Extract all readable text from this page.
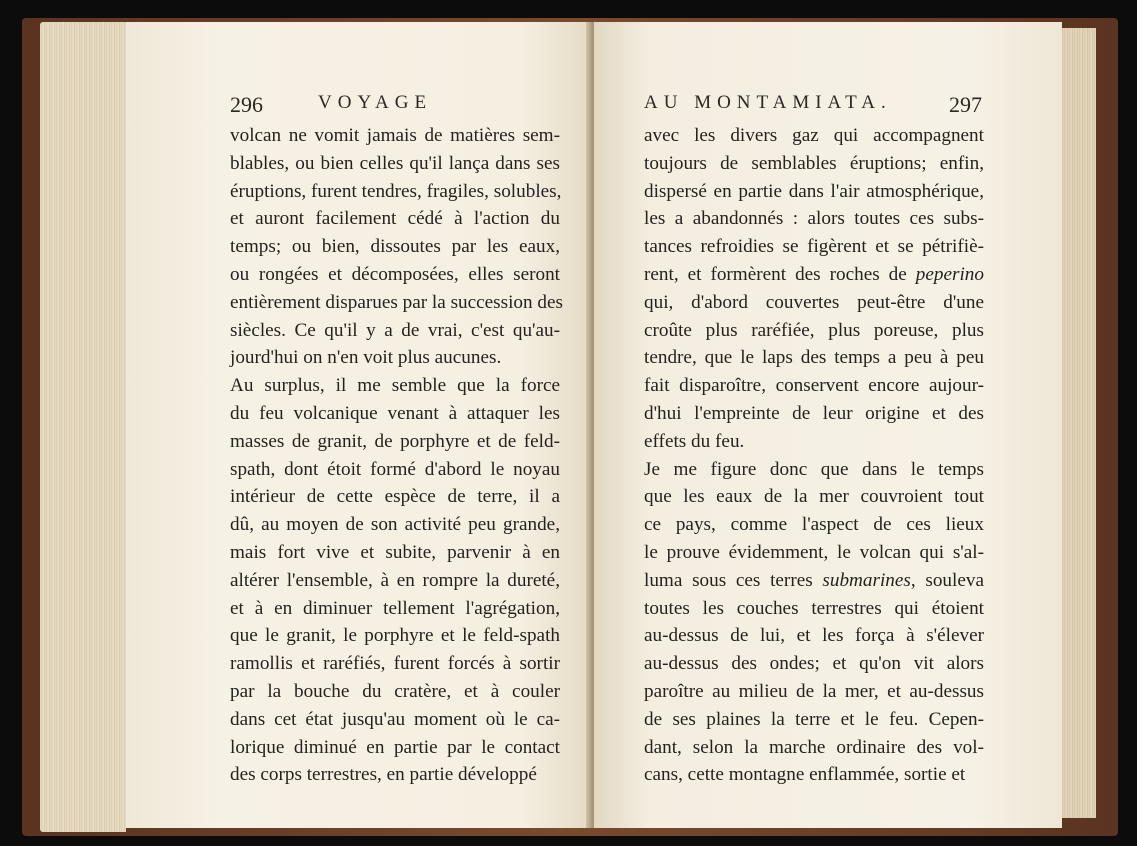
296	VOYAGE
volcan ne vomit jamais de matières sem-
blables, ou bien celles qu'il lança dans ses
éruptions, furent tendres, fragiles, solubles,
et auront facilement cédé à l'action du
temps; ou bien, dissoutes par les eaux,
ou rongées et décomposées, elles seront
entièrement disparues par la succession des
siècles. Ce qu'il y a de vrai, c'est qu'au-
jourd'hui on n'en voit plus aucunes.
Au surplus, il me semble que la force
du feu volcanique venant à attaquer les
masses de granit, de porphyre et de feld-
spath, dont étoit formé d'abord le noyau
intérieur de cette espèce de terre, il a
dû, au moyen de son activité peu grande,
mais fort vive et subite, parvenir à en
altérer l'ensemble, à en rompre la dureté,
et à en diminuer tellement l'agrégation,
que le granit, le porphyre et le feld-spath
ramollis et raréfiés, furent forcés à sortir
par la bouche du cratère, et à couler
dans cet état jusqu'au moment où le ca-
lorique diminué en partie par le contact
des corps terrestres, en partie développé
AU MONTAMIATA.	297
avec les divers gaz qui accompagnent
toujours de semblables éruptions; enfin,
dispersé en partie dans l'air atmosphérique,
les a abandonnés : alors toutes ces subs-
tances refroidies se figèrent et se pétrifiè-
rent, et formèrent des roches de peperino
qui, d'abord couvertes peut-être d'une
croûte plus raréfiée, plus poreuse, plus
tendre, que le laps des temps a peu à peu
fait disparoître, conservent encore aujour-
d'hui l'empreinte de leur origine et des
effets du feu.
Je me figure donc que dans le temps
que les eaux de la mer couvroient tout
ce pays, comme l'aspect de ces lieux
le prouve évidemment, le volcan qui s'al-
luma sous ces terres submarines, souleva
toutes les couches terrestres qui étoient
au-dessus de lui, et les força à s'élever
au-dessus des ondes; et qu'on vit alors
paroître au milieu de la mer, et au-dessus
de ses plaines la terre et le feu. Cepen-
dant, selon la marche ordinaire des vol-
cans, cette montagne enflammée, sortie et
